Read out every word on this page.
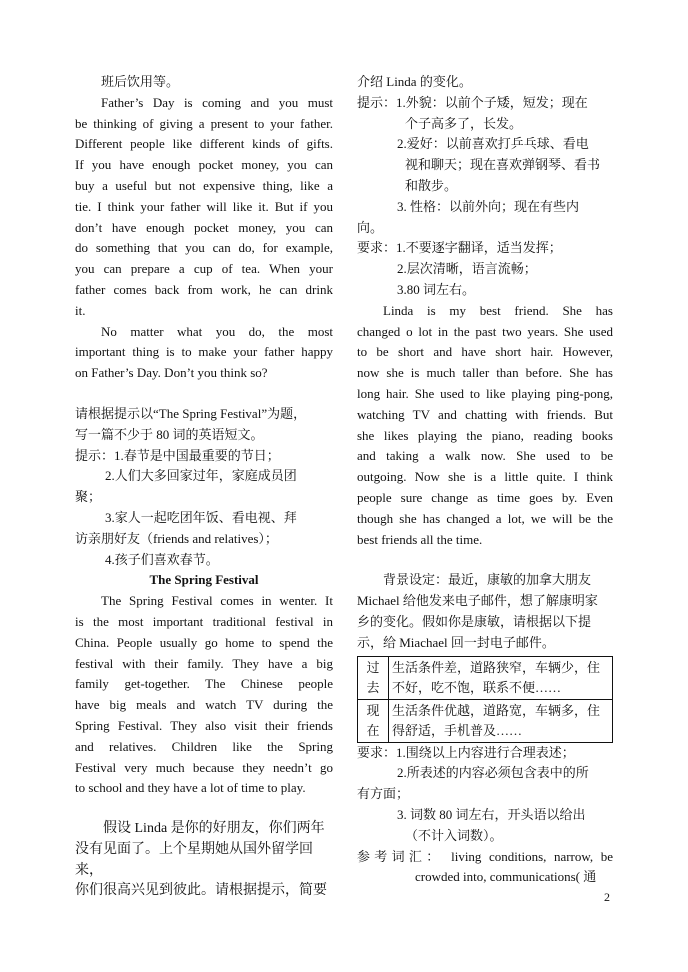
班后饮用等。

Father’s Day is coming and you must

be thinking of giving a present to your father.

Different people like different kinds of gifts.

If you have enough pocket money, you can

buy a useful but not expensive thing, like a

tie. I think your father will like it. But if you

don’t have enough pocket money, you can

do something that you can do, for example,

you can prepare a cup of tea. When your

father comes back from work, he can drink

it.

No matter what you do, the most

important thing is to make your father happy

on Father’s Day. Don’t you think so?

请根据提示以“The Spring Festival”为题，

写一篇不少于 80 词的英语短文。

提示：1.春节是中国最重要的节日；

2.人们大多回家过年，家庭成员团

聚；

3.家人一起吃团年饭、看电视、拜

访亲朋好友（friends and relatives）；

4.孩子们喜欢春节。

The Spring Festival

The Spring Festival comes in wenter. It

is the most important traditional festival in

China. People usually go home to spend the

festival with their family. They have a big

family get-together. The Chinese people

have big meals and watch TV during the

Spring Festival. They also visit their friends

and relatives. Children like the Spring

Festival very much because they needn’t go

to school and they have a lot of time to play.

假设 Linda 是你的好朋友，你们两年

没有见面了。上个星期她从国外留学回来，

你们很高兴见到彼此。请根据提示，简要

介绍 Linda 的变化。

提示：1.外貌：以前个子矮，短发；现在

个子高多了，长发。

2.爱好：以前喜欢打乒乓球、看电

视和聊天；现在喜欢弹钢琴、看书

和散步。

3. 性格：以前外向；现在有些内

向。

要求：1.不要逐字翻译，适当发挥；

2.层次清晰，语言流畅；

3.80 词左右。

Linda is my best friend. She has

changed o lot in the past two years. She used

to be short and have short hair. However,

now she is much taller than before. She has

long hair. She used to like playing ping-pong,

watching TV and chatting with friends. But

she likes playing the piano, reading books

and taking a walk now. She used to be

outgoing. Now she is a little quite. I think

people sure change as time goes by. Even

though she has changed a lot, we will be the

best friends all the time.

背景设定：最近，康敏的加拿大朋友

Michael 给他发来电子邮件，想了解康明家

乡的变化。假如你是康敏，请根据以下提

示，给 Miachael 回一封电子邮件。

过去	生活条件差，道路狭窄，车辆少，住不好，吃不饱，联系不便……
现在	生活条件优越，道路宽，车辆多，住得舒适，手机普及……

要求：1.围绕以上内容进行合理表述；

2.所表述的内容必须包含表中的所

有方面；

3. 词数 80 词左右，开头语以给出

（不计入词数）。

参考词汇： living conditions, narrow, be

crowded into, communications( 通

2
